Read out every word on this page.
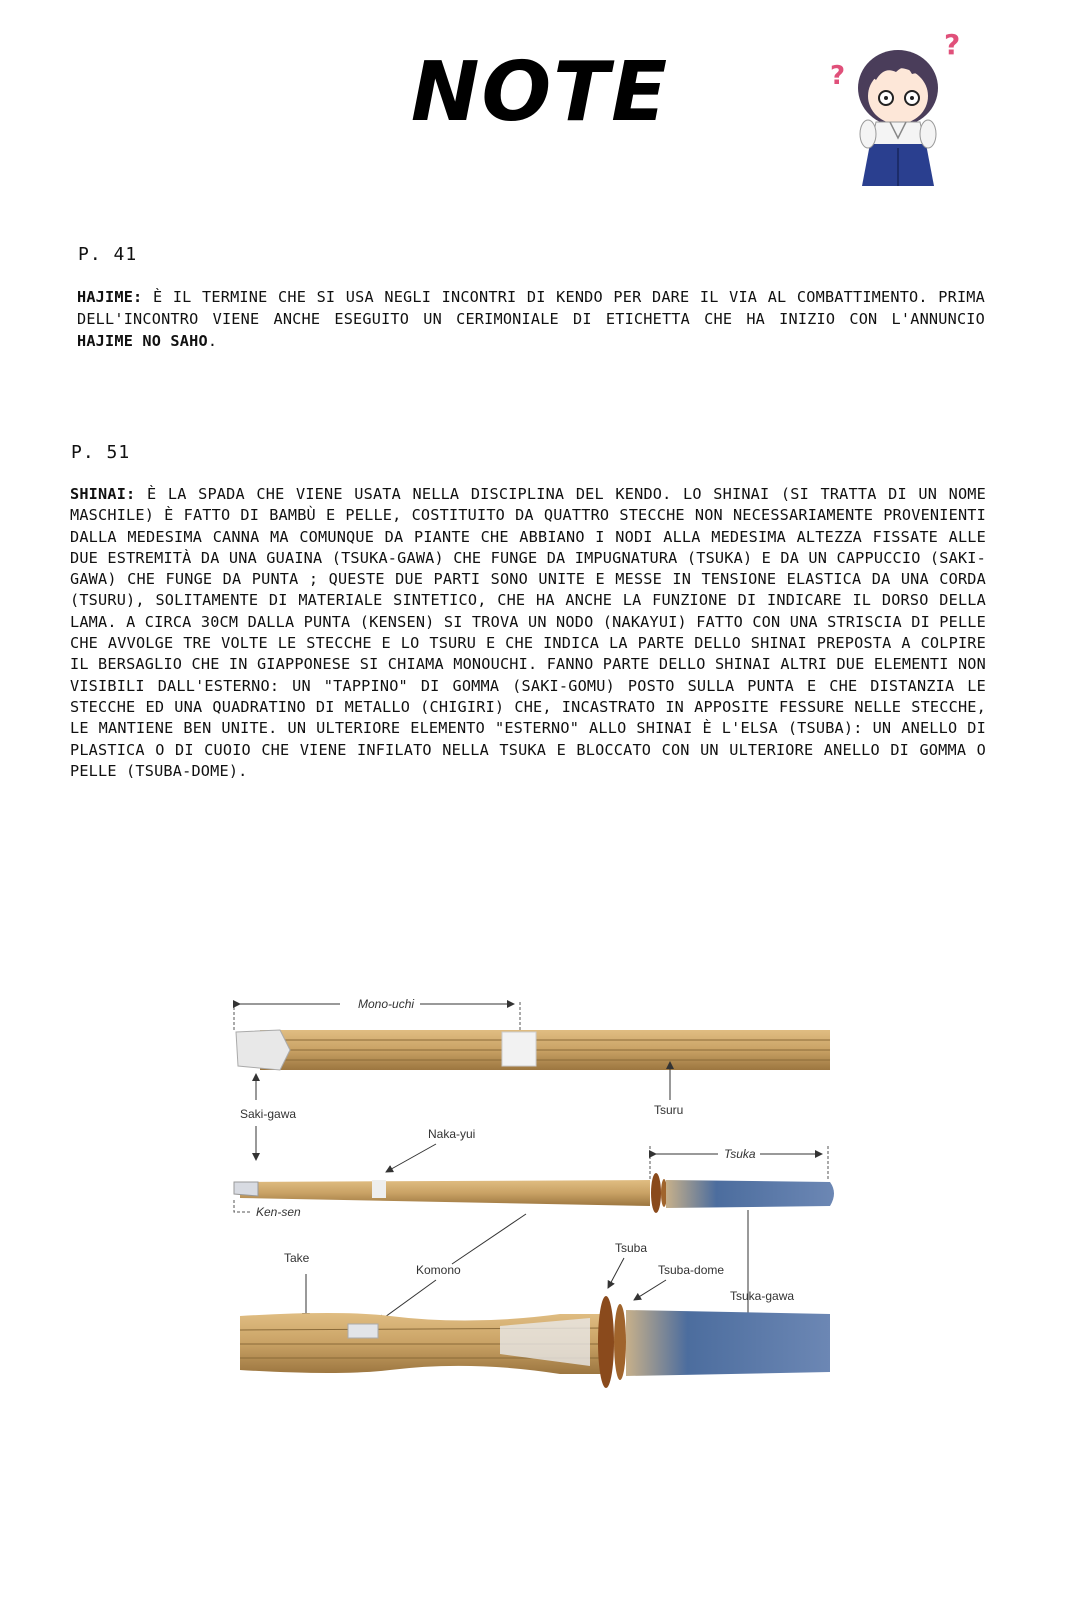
NOTE	?
?
P. 41

HAJIME: È IL TERMINE CHE SI USA NEGLI INCONTRI DI KENDO PER DARE IL VIA AL COMBATTIMENTO. PRIMA DELL'INCONTRO VIENE ANCHE ESEGUITO UN CERIMONIALE DI ETICHETTA CHE HA INIZIO CON L'ANNUNCIO HAJIME NO SAHO.

P. 51

SHINAI: È LA SPADA CHE VIENE USATA NELLA DISCIPLINA DEL KENDO. LO SHINAI (SI TRATTA DI UN NOME MASCHILE) È FATTO DI BAMBÙ E PELLE, COSTITUITO DA QUATTRO STECCHE NON NECESSARIAMENTE PROVENIENTI DALLA MEDESIMA CANNA MA COMUNQUE DA PIANTE CHE ABBIANO I NODI ALLA MEDESIMA ALTEZZA FISSATE ALLE DUE ESTREMITÀ DA UNA GUAINA (TSUKA-GAWA) CHE FUNGE DA IMPUGNATURA (TSUKA) E DA UN CAPPUCCIO (SAKI-GAWA) CHE FUNGE DA PUNTA ; QUESTE DUE PARTI SONO UNITE E MESSE IN TENSIONE ELASTICA DA UNA CORDA (TSURU), SOLITAMENTE DI MATERIALE SINTETICO, CHE HA ANCHE LA FUNZIONE DI INDICARE IL DORSO DELLA LAMA. A CIRCA 30CM DALLA PUNTA (KENSEN) SI TROVA UN NODO (NAKAYUI) FATTO CON UNA STRISCIA DI PELLE CHE AVVOLGE TRE VOLTE LE STECCHE E LO TSURU E CHE INDICA LA PARTE DELLO SHINAI PREPOSTA A COLPIRE IL BERSAGLIO CHE IN GIAPPONESE SI CHIAMA MONOUCHI. FANNO PARTE DELLO SHINAI ALTRI DUE ELEMENTI NON VISIBILI DALL'ESTERNO: UN "TAPPINO" DI GOMMA (SAKI-GOMU) POSTO SULLA PUNTA E CHE DISTANZIA LE STECCHE ED UNA QUADRATINO DI METALLO (CHIGIRI) CHE, INCASTRATO IN APPOSITE FESSURE NELLE STECCHE, LE MANTIENE BEN UNITE. UN ULTERIORE ELEMENTO "ESTERNO" ALLO SHINAI È L'ELSA (TSUBA): UN ANELLO DI PLASTICA O DI CUOIO CHE VIENE INFILATO NELLA TSUKA E BLOCCATO CON UN ULTERIORE ANELLO DI GOMMA O PELLE (TSUBA-DOME).

Mono-uchi
Tsuru
Saki-gawa
Naka-yui
Tsuka
Ken-sen
Take
Komono
Tsuba
Tsuba-dome
Tsuka-gawa
